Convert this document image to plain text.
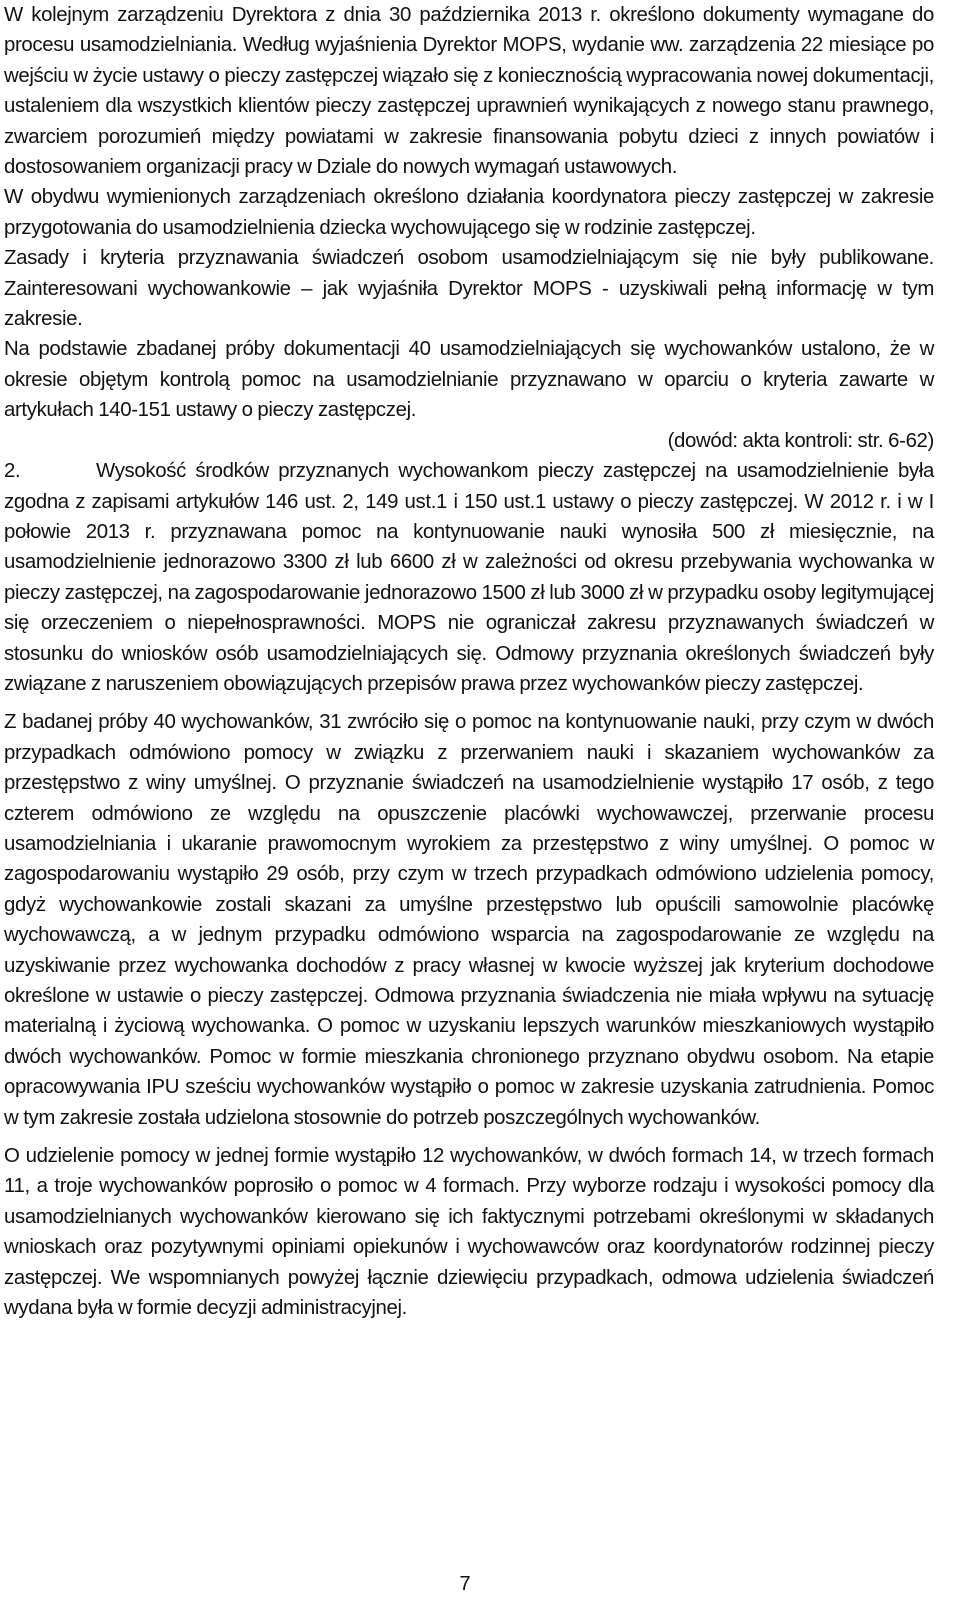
W kolejnym zarządzeniu Dyrektora z dnia 30 października 2013 r. określono dokumenty wymagane do procesu usamodzielniania. Według wyjaśnienia Dyrektor MOPS, wydanie ww. zarządzenia 22 miesiące po wejściu w życie ustawy o pieczy zastępczej wiązało się z koniecznością wypracowania nowej dokumentacji, ustaleniem dla wszystkich klientów pieczy zastępczej uprawnień wynikających z nowego stanu prawnego, zwarciem porozumień między powiatami w zakresie finansowania pobytu dzieci z innych powiatów i dostosowaniem organizacji pracy w Dziale do nowych wymagań ustawowych.

W obydwu wymienionych zarządzeniach określono działania koordynatora pieczy zastępczej w zakresie przygotowania do usamodzielnienia dziecka wychowującego się w rodzinie zastępczej.

Zasady i kryteria przyznawania świadczeń osobom usamodzielniającym się nie były publikowane. Zainteresowani wychowankowie – jak wyjaśniła Dyrektor MOPS - uzyskiwali pełną informację w tym zakresie.

Na podstawie zbadanej próby dokumentacji 40 usamodzielniających się wychowanków ustalono, że w okresie objętym kontrolą pomoc na usamodzielnianie przyznawano w oparciu o kryteria zawarte w artykułach 140-151 ustawy o pieczy zastępczej.

(dowód: akta kontroli: str. 6-62)

2.	Wysokość środków przyznanych wychowankom pieczy zastępczej na usamodzielnienie była zgodna z zapisami artykułów 146 ust. 2, 149 ust.1 i 150 ust.1 ustawy o pieczy zastępczej. W 2012 r. i w I połowie 2013 r. przyznawana pomoc na kontynuowanie nauki wynosiła 500 zł miesięcznie, na usamodzielnienie jednorazowo 3300 zł lub 6600 zł w zależności od okresu przebywania wychowanka w pieczy zastępczej, na zagospodarowanie jednorazowo 1500 zł lub 3000 zł w przypadku osoby legitymującej się orzeczeniem o niepełnosprawności. MOPS nie ograniczał zakresu przyznawanych świadczeń w stosunku do wniosków osób usamodzielniających się. Odmowy przyznania określonych świadczeń były związane z naruszeniem obowiązujących przepisów prawa przez wychowanków pieczy zastępczej.

Z badanej próby 40 wychowanków, 31 zwróciło się o pomoc na kontynuowanie nauki, przy czym w dwóch przypadkach odmówiono pomocy w związku z przerwaniem nauki i skazaniem wychowanków za przestępstwo z winy umyślnej. O przyznanie świadczeń na usamodzielnienie wystąpiło 17 osób, z tego czterem odmówiono ze względu na opuszczenie placówki wychowawczej, przerwanie procesu usamodzielniania i ukaranie prawomocnym wyrokiem za przestępstwo z winy umyślnej. O pomoc w zagospodarowaniu wystąpiło 29 osób, przy czym w trzech przypadkach odmówiono udzielenia pomocy, gdyż wychowankowie zostali skazani za umyślne przestępstwo lub opuścili samowolnie placówkę wychowawczą, a w jednym przypadku odmówiono wsparcia na zagospodarowanie ze względu na uzyskiwanie przez wychowanka dochodów z pracy własnej w kwocie wyższej jak kryterium dochodowe określone w ustawie o pieczy zastępczej. Odmowa przyznania świadczenia nie miała wpływu na sytuację materialną i życiową wychowanka. O pomoc w uzyskaniu lepszych warunków mieszkaniowych wystąpiło dwóch wychowanków. Pomoc w formie mieszkania chronionego przyznano obydwu osobom. Na etapie opracowywania IPU sześciu wychowanków wystąpiło o pomoc w zakresie uzyskania zatrudnienia. Pomoc w tym zakresie została udzielona stosownie do potrzeb poszczególnych wychowanków.

O udzielenie pomocy w jednej formie wystąpiło 12 wychowanków, w dwóch formach 14, w trzech formach 11, a troje wychowanków poprosiło o pomoc w 4 formach. Przy wyborze rodzaju i wysokości pomocy dla usamodzielnianych wychowanków kierowano się ich faktycznymi potrzebami określonymi w składanych wnioskach oraz pozytywnymi opiniami opiekunów i wychowawców oraz koordynatorów rodzinnej pieczy zastępczej. We wspomnianych powyżej łącznie dziewięciu przypadkach, odmowa udzielenia świadczeń wydana była w formie decyzji administracyjnej.

7
